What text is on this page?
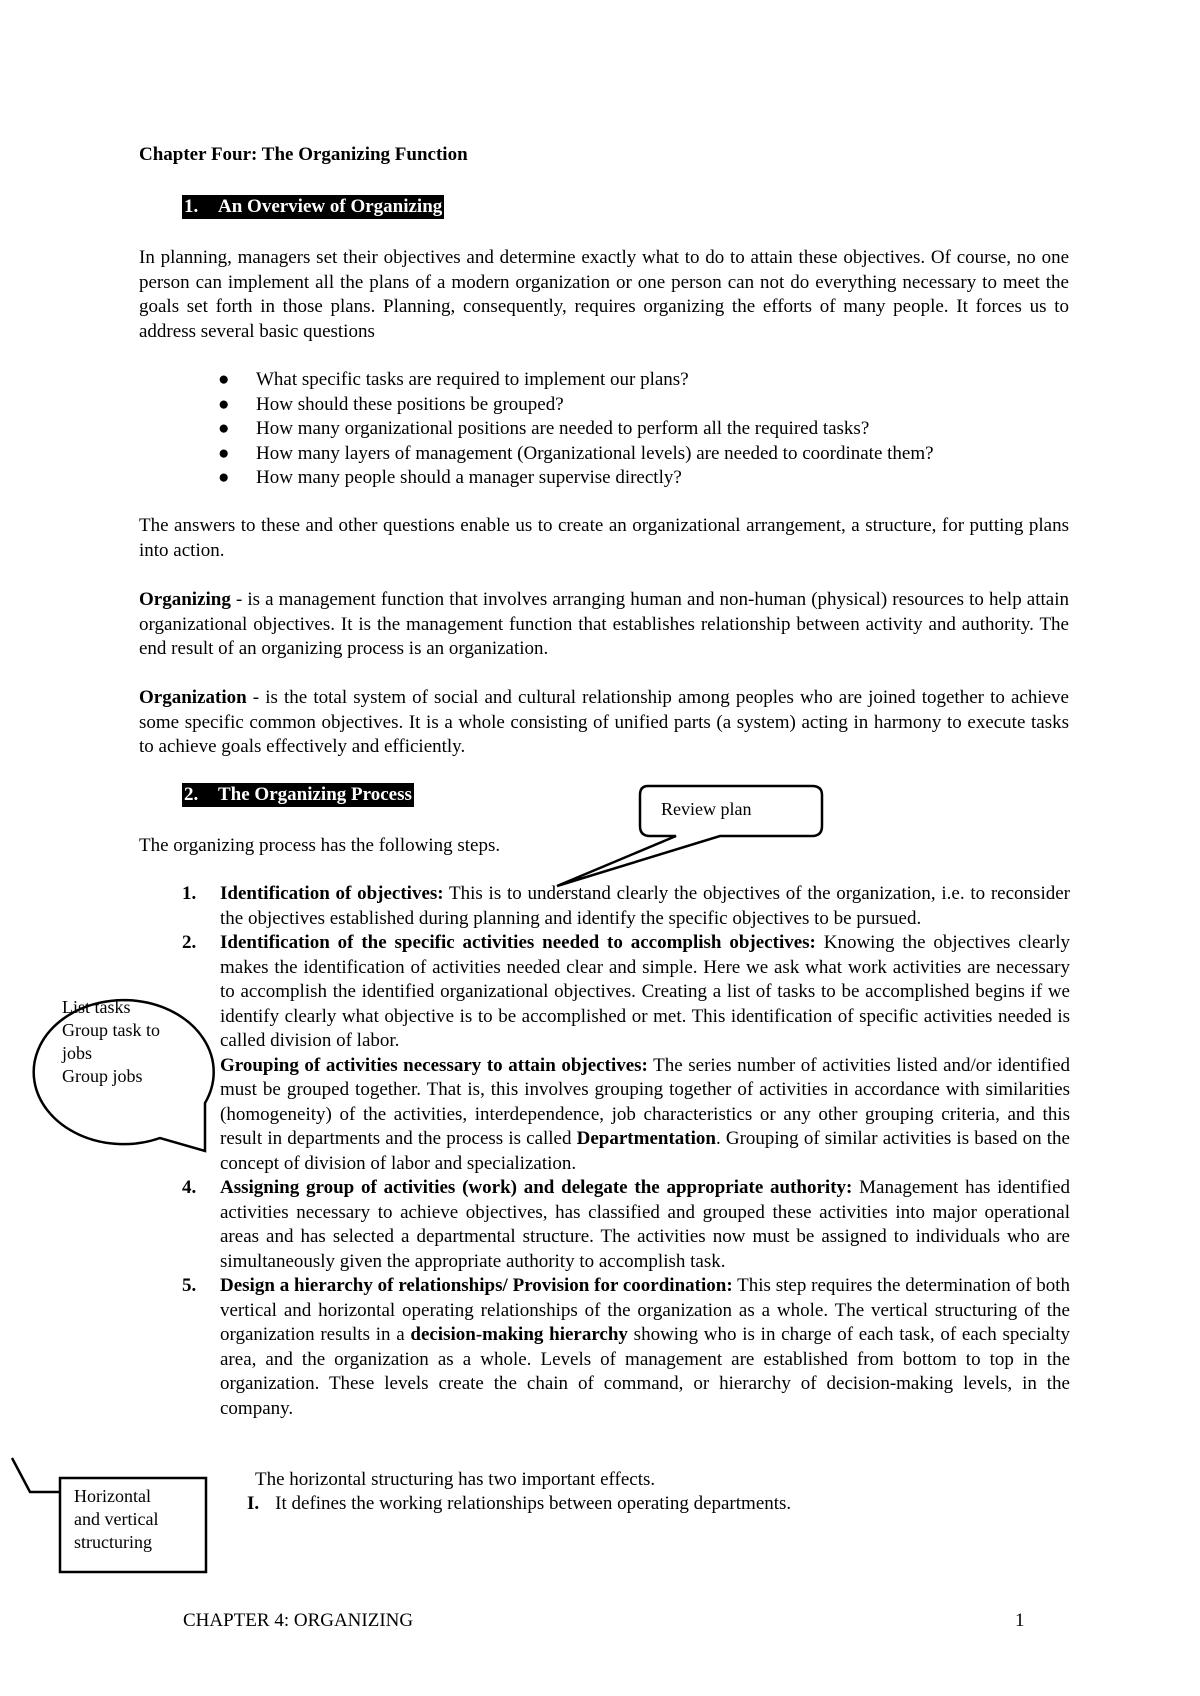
Chapter Four: The Organizing Function
1. An Overview of Organizing
In planning, managers set their objectives and determine exactly what to do to attain these objectives. Of course, no one person can implement all the plans of a modern organization or one person can not do everything necessary to meet the goals set forth in those plans. Planning, consequently, requires organizing the efforts of many people. It forces us to address several basic questions
● What specific tasks are required to implement our plans?
● How should these positions be grouped?
● How many organizational positions are needed to perform all the required tasks?
● How many layers of management (Organizational levels) are needed to coordinate them?
● How many people should a manager supervise directly?
The answers to these and other questions enable us to create an organizational arrangement, a structure, for putting plans into action.
Organizing - is a management function that involves arranging human and non-human (physical) resources to help attain organizational objectives. It is the management function that establishes relationship between activity and authority. The end result of an organizing process is an organization.
Organization - is the total system of social and cultural relationship among peoples who are joined together to achieve some specific common objectives. It is a whole consisting of unified parts (a system) acting in harmony to execute tasks to achieve goals effectively and efficiently.
2. The Organizing Process
The organizing process has the following steps.
1. Identification of objectives: This is to understand clearly the objectives of the organization, i.e. to reconsider the objectives established during planning and identify the specific objectives to be pursued.
2. Identification of the specific activities needed to accomplish objectives: Knowing the objectives clearly makes the identification of activities needed clear and simple. Here we ask what work activities are necessary to accomplish the identified organizational objectives. Creating a list of tasks to be accomplished begins if we identify clearly what objective is to be accomplished or met. This identification of specific activities needed is called division of labor.
Grouping of activities necessary to attain objectives: The series number of activities listed and/or identified must be grouped together. That is, this involves grouping together of activities in accordance with similarities (homogeneity) of the activities, interdependence, job characteristics or any other grouping criteria, and this result in departments and the process is called Departmentation. Grouping of similar activities is based on the concept of division of labor and specialization.
4. Assigning group of activities (work) and delegate the appropriate authority: Management has identified activities necessary to achieve objectives, has classified and grouped these activities into major operational areas and has selected a departmental structure. The activities now must be assigned to individuals who are simultaneously given the appropriate authority to accomplish task.
5. Design a hierarchy of relationships/ Provision for coordination: This step requires the determination of both vertical and horizontal operating relationships of the organization as a whole. The vertical structuring of the organization results in a decision-making hierarchy showing who is in charge of each task, of each specialty area, and the organization as a whole. Levels of management are established from bottom to top in the organization. These levels create the chain of command, or hierarchy of decision-making levels, in the company.
The horizontal structuring has two important effects.
I. It defines the working relationships between operating departments.
CHAPTER 4: ORGANIZING	1
Review plan
List tasks
Group task to
jobs
Group jobs
Horizontal
and vertical
structuring
